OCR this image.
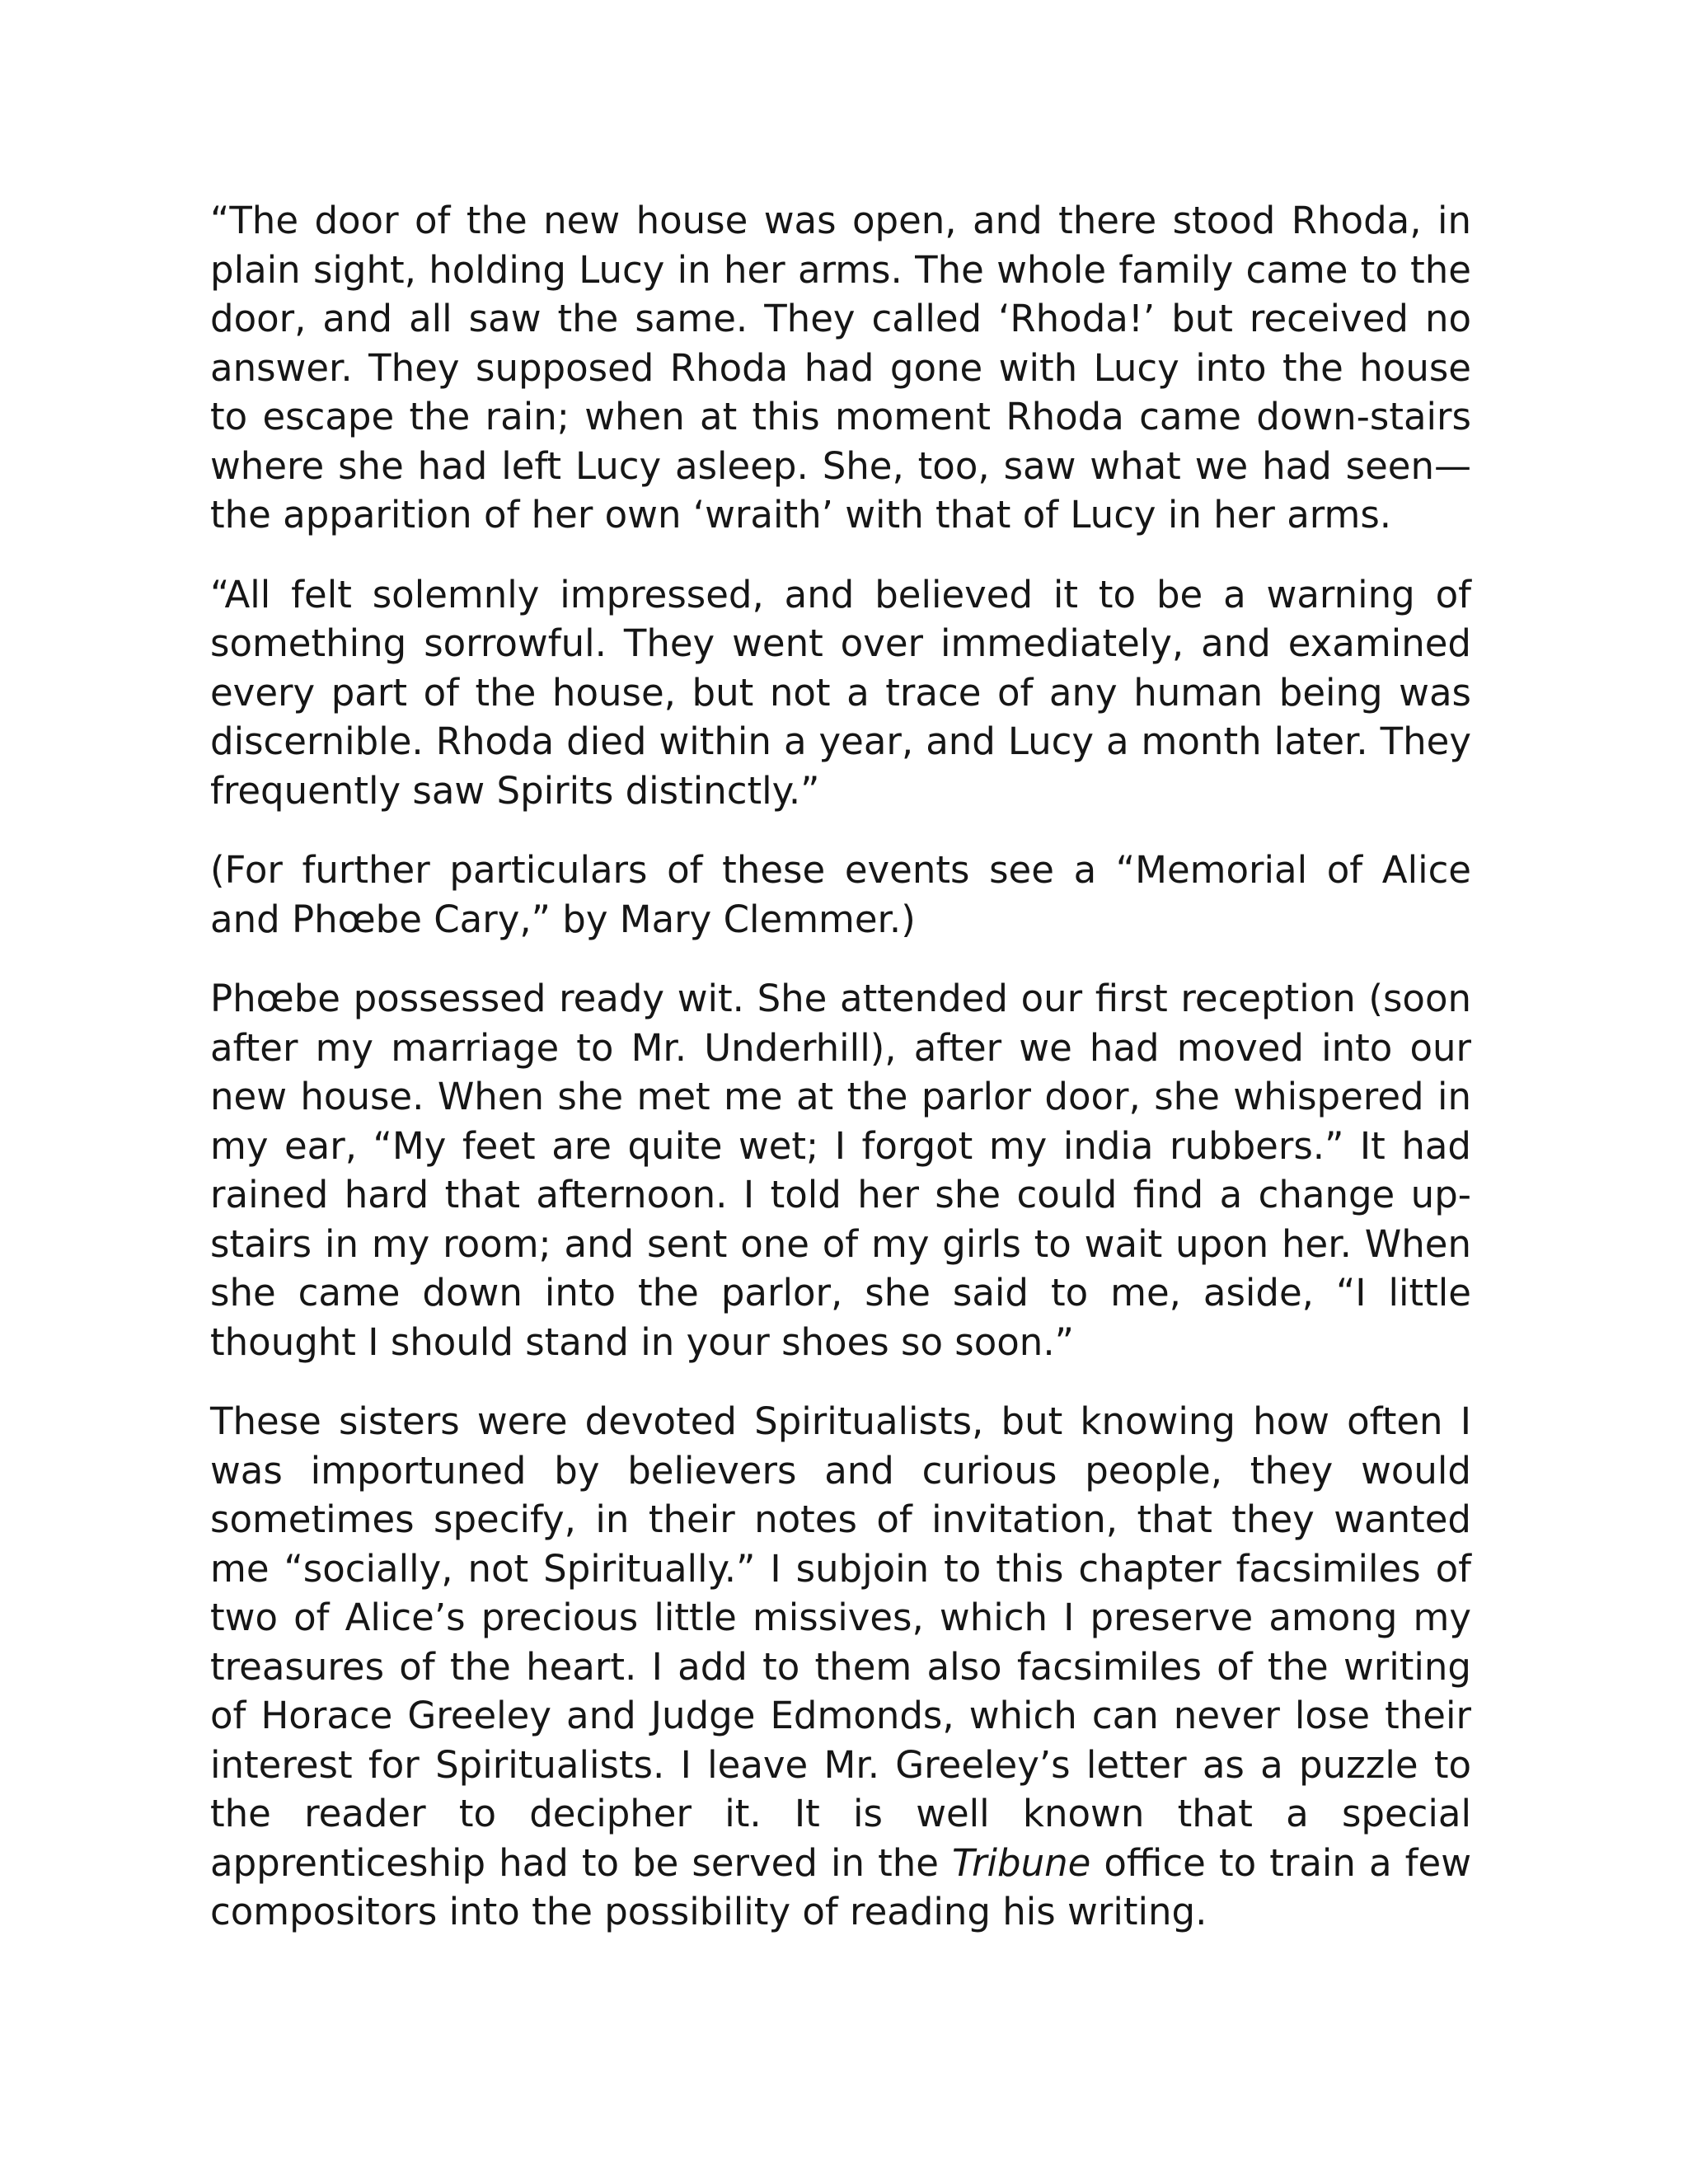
“The door of the new house was open, and there stood Rhoda, in plain sight, holding Lucy in her arms. The whole family came to the door, and all saw the same. They called ‘Rhoda!’ but received no answer. They supposed Rhoda had gone with Lucy into the house to escape the rain; when at this moment Rhoda came down-stairs where she had left Lucy asleep. She, too, saw what we had seen—the apparition of her own ‘wraith’ with that of Lucy in her arms.

“All felt solemnly impressed, and believed it to be a warning of something sorrowful. They went over immediately, and examined every part of the house, but not a trace of any human being was discernible. Rhoda died within a year, and Lucy a month later. They frequently saw Spirits distinctly.”

(For further particulars of these events see a “Memorial of Alice and Phœbe Cary,” by Mary Clemmer.)

Phœbe possessed ready wit. She attended our first reception (soon after my marriage to Mr. Underhill), after we had moved into our new house. When she met me at the parlor door, she whispered in my ear, “My feet are quite wet; I forgot my india rubbers.” It had rained hard that afternoon. I told her she could find a change up-stairs in my room; and sent one of my girls to wait upon her. When she came down into the parlor, she said to me, aside, “I little thought I should stand in your shoes so soon.”

These sisters were devoted Spiritualists, but knowing how often I was importuned by believers and curious people, they would sometimes specify, in their notes of invitation, that they wanted me “socially, not Spiritually.” I subjoin to this chapter facsimiles of two of Alice’s precious little missives, which I preserve among my treasures of the heart. I add to them also facsimiles of the writing of Horace Greeley and Judge Edmonds, which can never lose their interest for Spiritualists. I leave Mr. Greeley’s letter as a puzzle to the reader to decipher it. It is well known that a special apprenticeship had to be served in the Tribune office to train a few compositors into the possibility of reading his writing.
